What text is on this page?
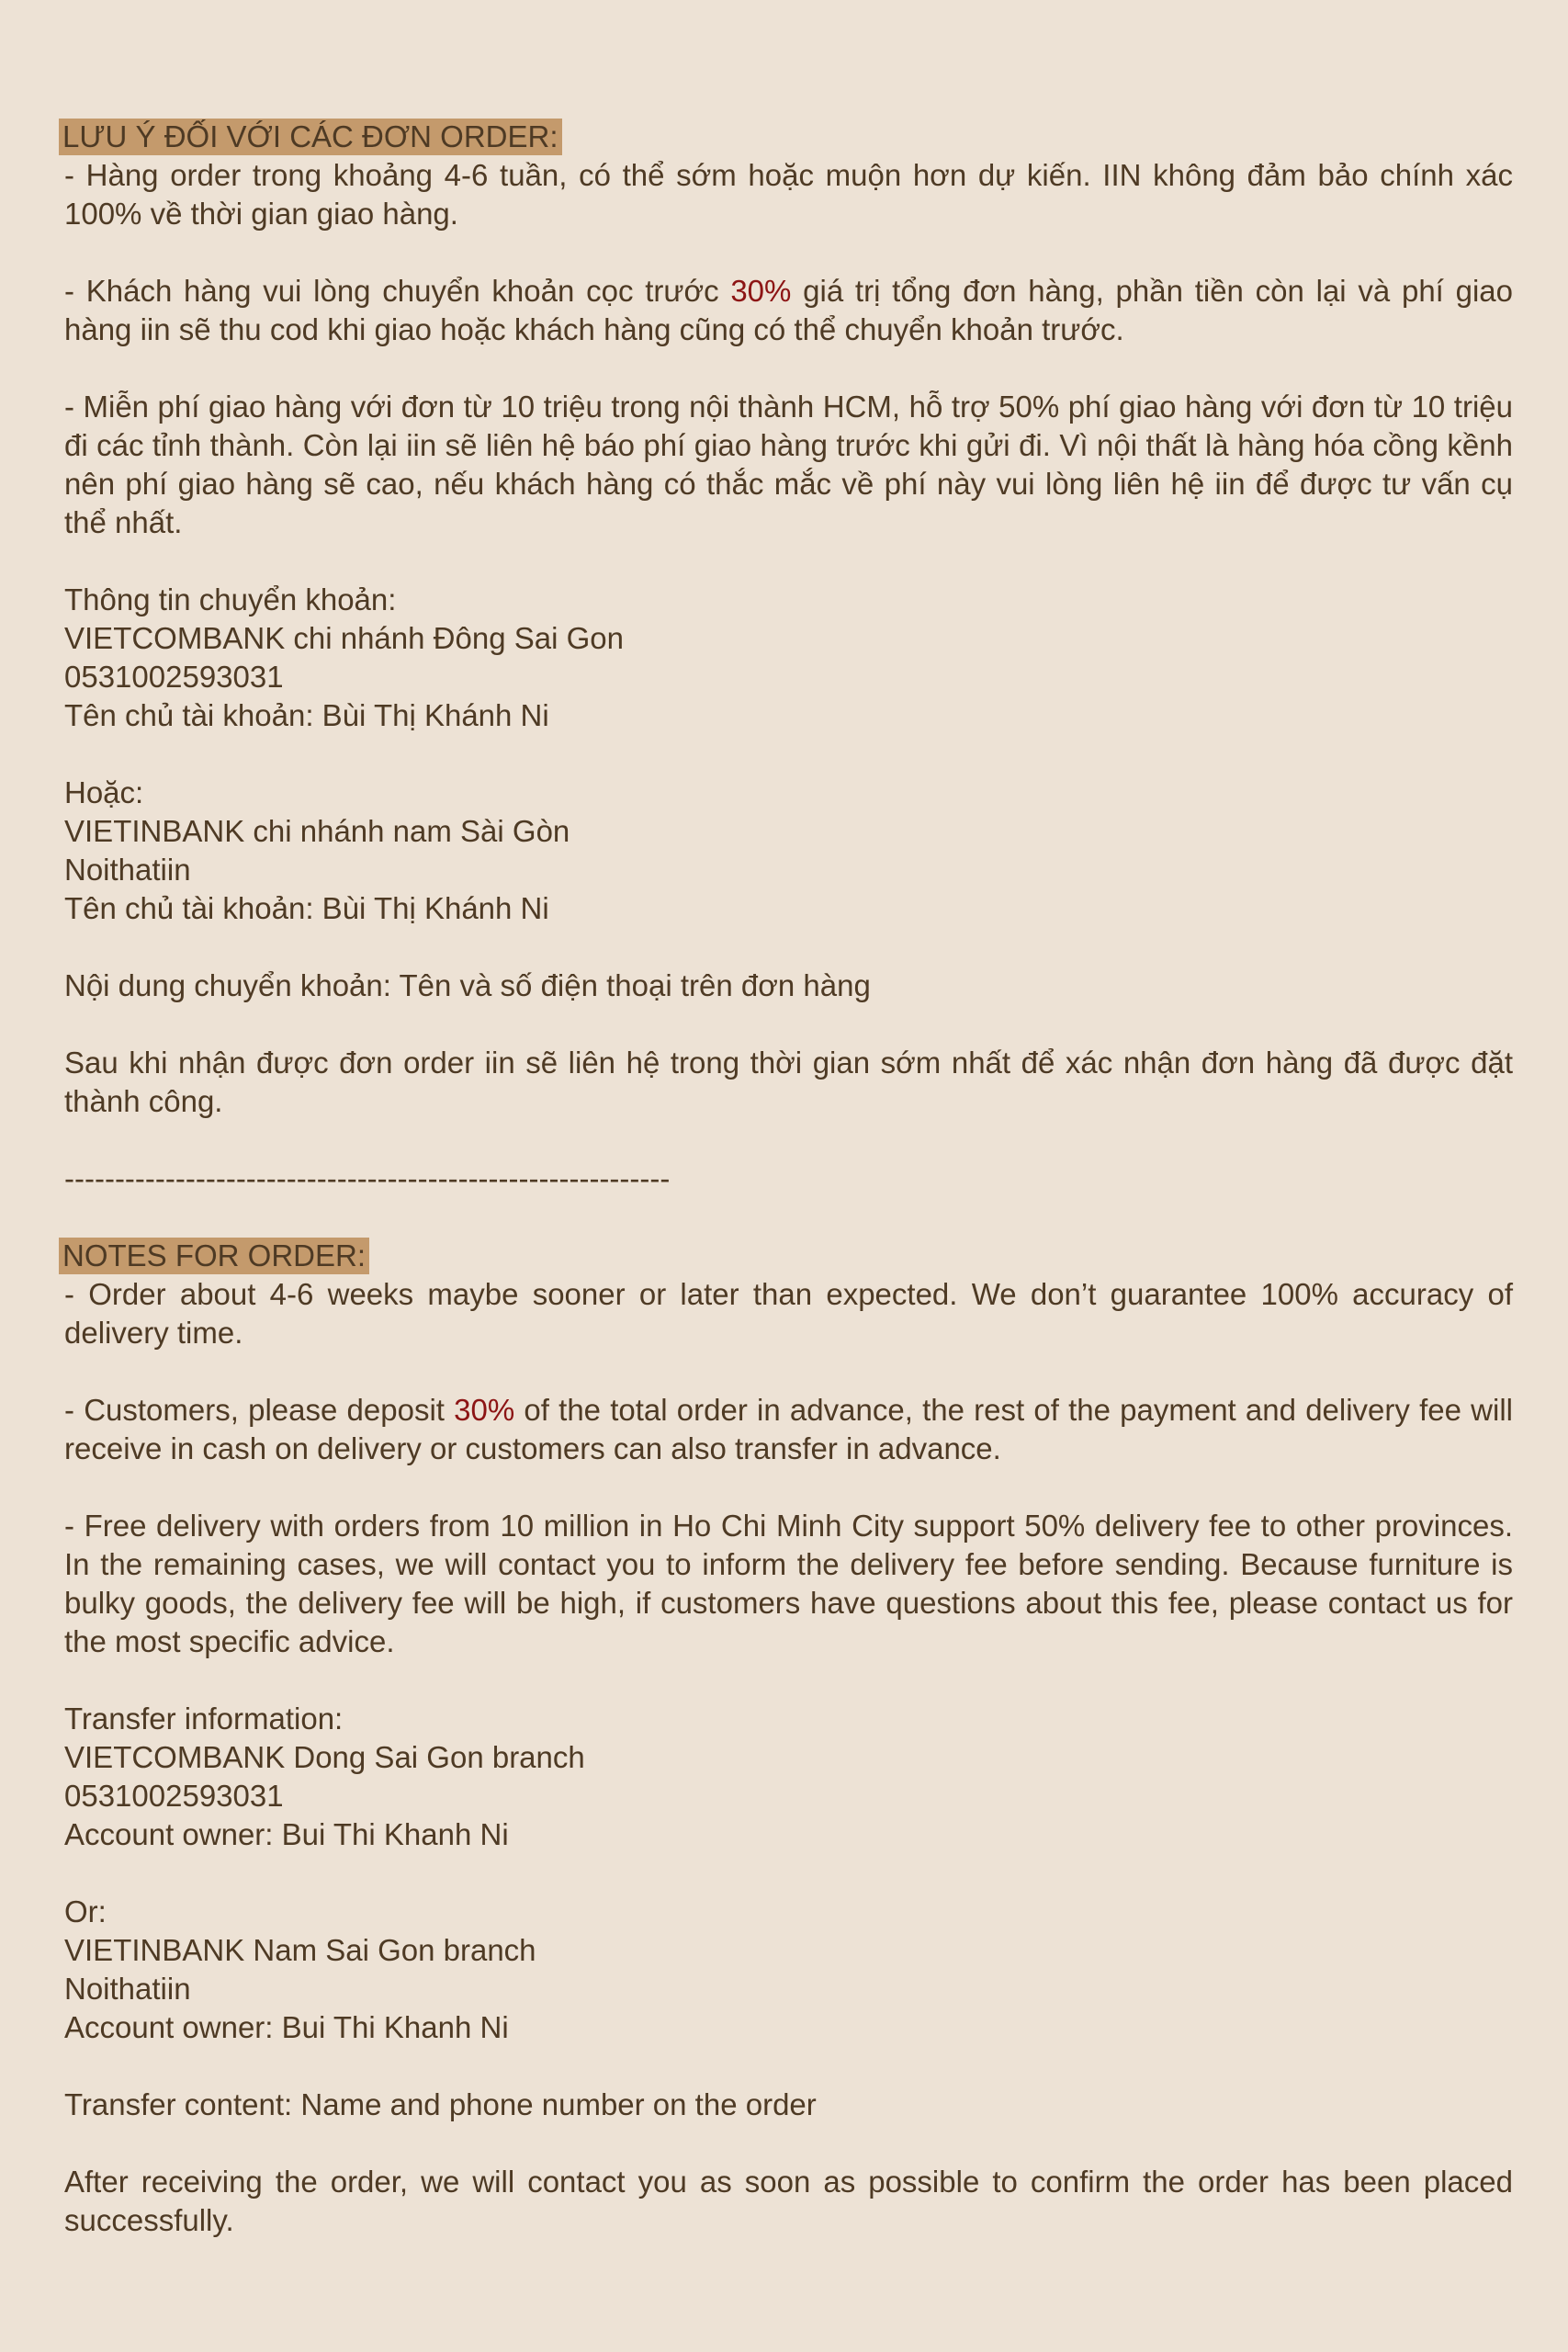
LƯU Ý ĐỐI VỚI CÁC ĐƠN ORDER:

- Hàng order trong khoảng 4-6 tuần, có thể sớm hoặc muộn hơn dự kiến. IIN không đảm bảo chính xác 100% về thời gian giao hàng.

- Khách hàng vui lòng chuyển khoản cọc trước 30% giá trị tổng đơn hàng, phần tiền còn lại và phí giao hàng iin sẽ thu cod khi giao hoặc khách hàng cũng có thể chuyển khoản trước.

- Miễn phí giao hàng với đơn từ 10 triệu trong nội thành HCM, hỗ trợ 50% phí giao hàng với đơn từ 10 triệu đi các tỉnh thành. Còn lại iin sẽ liên hệ báo phí giao hàng trước khi gửi đi. Vì nội thất là hàng hóa cồng kềnh nên phí giao hàng sẽ cao, nếu khách hàng có thắc mắc về phí này vui lòng liên hệ iin để được tư vấn cụ thể nhất.

Thông tin chuyển khoản:

VIETCOMBANK chi nhánh Đông Sai Gon

0531002593031

Tên chủ tài khoản: Bùi Thị Khánh Ni

Hoặc:

VIETINBANK chi nhánh nam Sài Gòn

Noithatiin

Tên chủ tài khoản: Bùi Thị Khánh Ni

Nội dung chuyển khoản: Tên và số điện thoại trên đơn hàng

Sau khi nhận được đơn order iin sẽ liên hệ trong thời gian sớm nhất để xác nhận đơn hàng đã được đặt thành công.

------------------------------------------------------------

NOTES FOR ORDER:

- Order about 4-6 weeks maybe sooner or later than expected. We don’t guarantee 100% accuracy of delivery time.

- Customers, please deposit 30% of the total order in advance, the rest of the payment and delivery fee will receive in cash on delivery or customers can also transfer in advance.

- Free delivery with orders from 10 million in Ho Chi Minh City support 50% delivery fee to other provinces. In the remaining cases, we will contact you to inform the delivery fee before sending. Because furniture is bulky goods, the delivery fee will be high, if customers have questions about this fee, please contact us for the most specific advice.

Transfer information:

VIETCOMBANK Dong Sai Gon branch

0531002593031

Account owner: Bui Thi Khanh Ni

Or:

VIETINBANK Nam Sai Gon branch

Noithatiin

Account owner: Bui Thi Khanh Ni

Transfer content: Name and phone number on the order

After receiving the order, we will contact you as soon as possible to confirm the order has been placed successfully.
